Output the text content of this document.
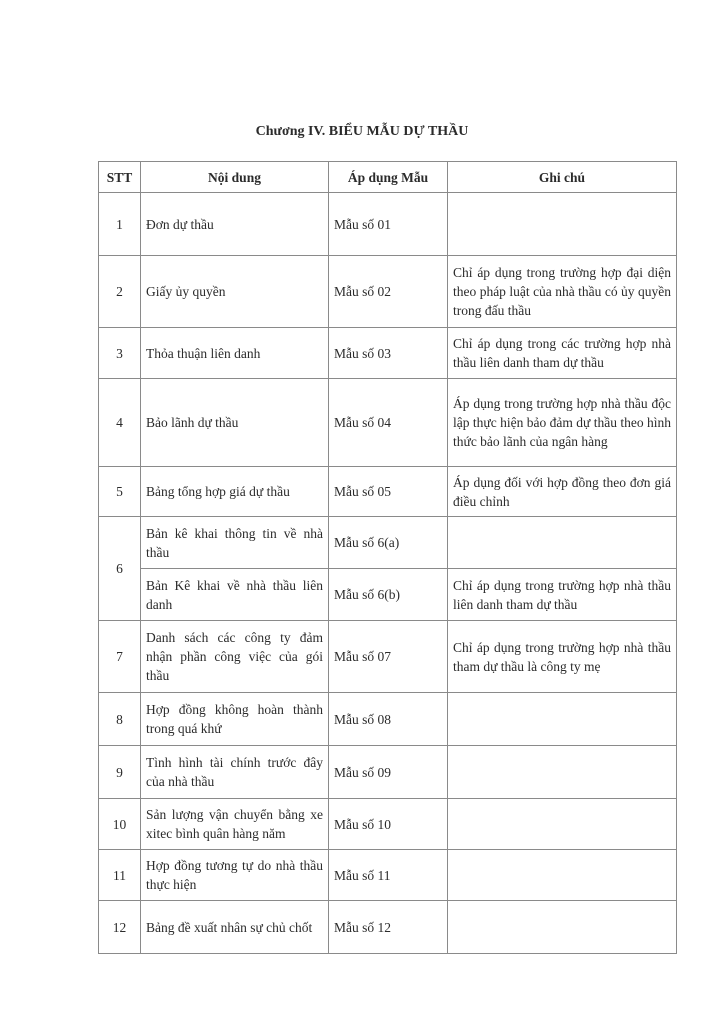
Chương IV. BIỂU MẪU DỰ THẦU
STT	Nội dung	Áp dụng Mẫu	Ghi chú
1	Đơn dự thầu	Mẫu số 01	
2	Giấy ủy quyền	Mẫu số 02	Chỉ áp dụng trong trường hợp đại diện theo pháp luật của nhà thầu có ủy quyền trong đấu thầu
3	Thỏa thuận liên danh	Mẫu số 03	Chỉ áp dụng trong các trường hợp nhà thầu liên danh tham dự thầu
4	Bảo lãnh dự thầu	Mẫu số 04	Áp dụng trong trường hợp nhà thầu độc lập thực hiện bảo đảm dự thầu theo hình thức bảo lãnh của ngân hàng
5	Bảng tổng hợp giá dự thầu	Mẫu số 05	Áp dụng đối với hợp đồng theo đơn giá điều chỉnh
6	Bản kê khai thông tin về nhà thầu	Mẫu số 6(a)	
	Bản Kê khai về nhà thầu liên danh	Mẫu số 6(b)	Chỉ áp dụng trong trường hợp nhà thầu liên danh tham dự thầu
7	Danh sách các công ty đảm nhận phần công việc của gói thầu	Mẫu số 07	Chỉ áp dụng trong trường hợp nhà thầu tham dự thầu là công ty mẹ
8	Hợp đồng không hoàn thành trong quá khứ	Mẫu số 08	
9	Tình hình tài chính trước đây của nhà thầu	Mẫu số 09	
10	Sản lượng vận chuyển bằng xe xitec bình quân hàng năm	Mẫu số 10	
11	Hợp đồng tương tự do nhà thầu thực hiện	Mẫu số 11	
12	Bảng đề xuất nhân sự chủ chốt	Mẫu số 12	
